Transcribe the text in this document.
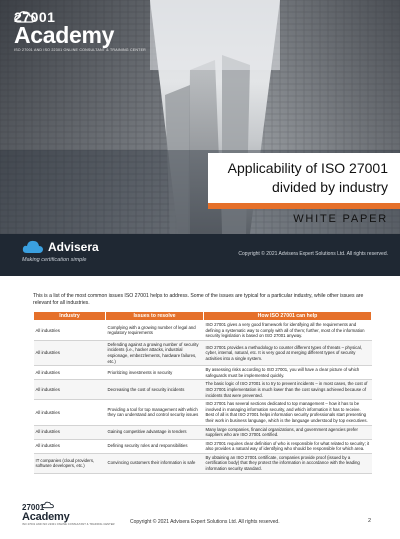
27001
Academy
ISO 27001 AND ISO 22301 ONLINE CONSULTANT & TRAINING CENTER
Applicability of ISO 27001
divided by industry
WHITE PAPER
Advisera
Making certification simple
Copyright © 2021 Advisera Expert Solutions Ltd. All rights reserved.

This is a list of the most common issues ISO 27001 helps to address. Some of the issues are typical for a particular industry, while other issues are relevant for all industries.

Industry	Issues to resolve	How ISO 27001 can help
All industries	Complying with a growing number of legal and regulatory requirements	ISO 27001 gives a very good framework for identifying all the requirements and defining a systematic way to comply with all of them; further, most of the information security legislation is based on ISO 27001 anyway.
All industries	Defending against a growing number of security incidents (i.e., hacker attacks, industrial espionage, embezzlements, hardware failures, etc.)	ISO 27001 provides a methodology to counter different types of threats – physical, cyber, internal, natural, etc. It is very good at merging different types of security activities into a single system.
All industries	Prioritizing investments in security	By assessing risks according to ISO 27001, you will have a clear picture of which safeguards must be implemented quickly.
All industries	Decreasing the cost of security incidents	The basic logic of ISO 27001 is to try to prevent incidents – in most cases, the cost of ISO 27001 implementation is much lower than the cost savings achieved because of incidents that were prevented.
All industries	Providing a tool for top management with which they can understand and control security issues	ISO 27001 has several sections dedicated to top management – how it has to be involved in managing information security, and which information it has to receive. Best of all is that ISO 27001 helps information security professionals start presenting their work in business language, which is the language understood by top executives.
All industries	Gaining competitive advantage in tenders	Many large companies, financial organizations, and government agencies prefer suppliers who are ISO 27001 certified.
All industries	Defining security roles and responsibilities	ISO 27001 requires clear definition of who is responsible for what related to security; it also provides a natural way of identifying who should be responsible for which area.
IT companies (cloud providers, software developers, etc.)	Convincing customers their information is safe	By obtaining an ISO 27001 certificate, companies provide proof (issued by a certification body) that they protect the information in accordance with the leading information security standard.
27001
Academy
ISO 27001 AND ISO 22301 ONLINE CONSULTANT & TRAINING CENTER	Copyright © 2021 Advisera Expert Solutions Ltd. All rights reserved.	2
